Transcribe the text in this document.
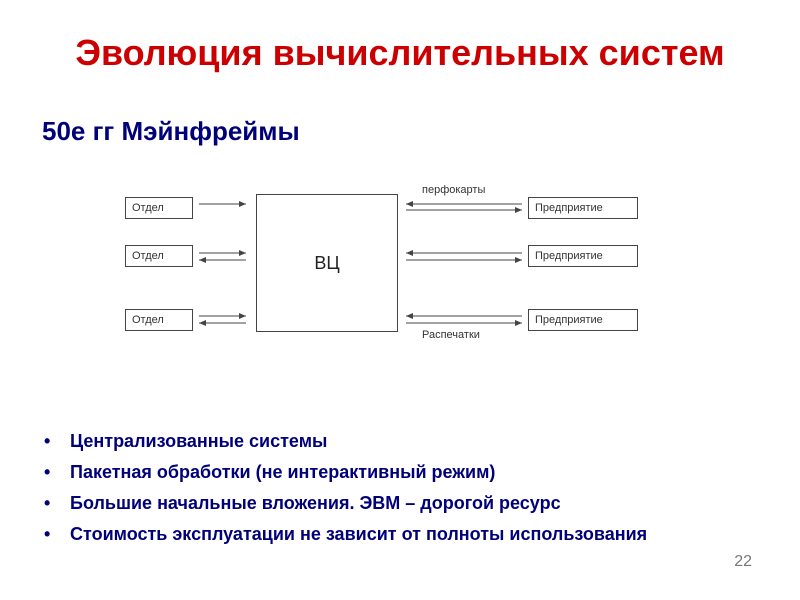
Эволюция вычислительных систем
50е гг Мэйнфреймы
Отдел
Отдел
Отдел
ВЦ
Предприятие
Предприятие
Предприятие
перфокарты
Распечатки
• Централизованные системы
• Пакетная обработки (не интерактивный режим)
• Большие начальные вложения. ЭВМ – дорогой ресурс
• Стоимость эксплуатации не зависит от полноты использования
22
